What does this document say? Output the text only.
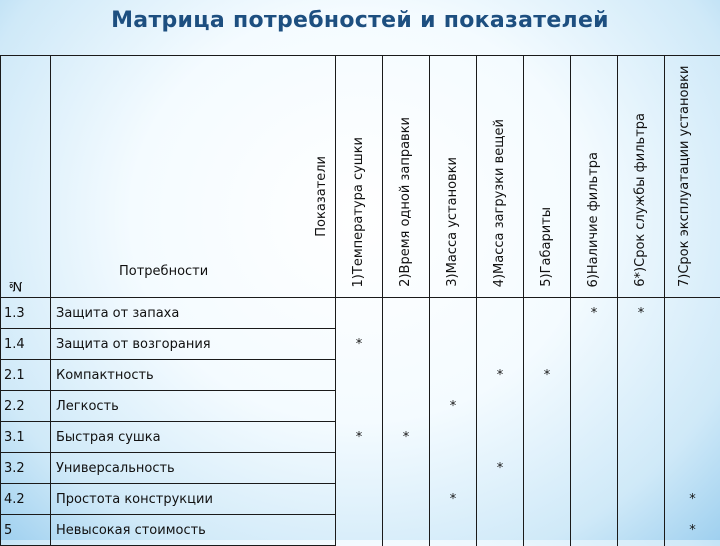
Матрица потребностей и показателей
№	Потребности
Показатели	1)Температура сушки	2)Время одной заправки	3)Масса установки	4)Масса загрузки вещей	5)Габариты	6)Наличие фильтра	6*)Срок службы фильтра	7)Срок эксплуатации установки
1.3	Защита от запаха						*	*	
1.4	Защита от возгорания	*							
2.1	Компактность				*	*			
2.2	Легкость			*					
3.1	Быстрая сушка	*	*						
3.2	Универсальность				*				
4.2	Простота конструкции			*					*
5	Невысокая стоимость								*
